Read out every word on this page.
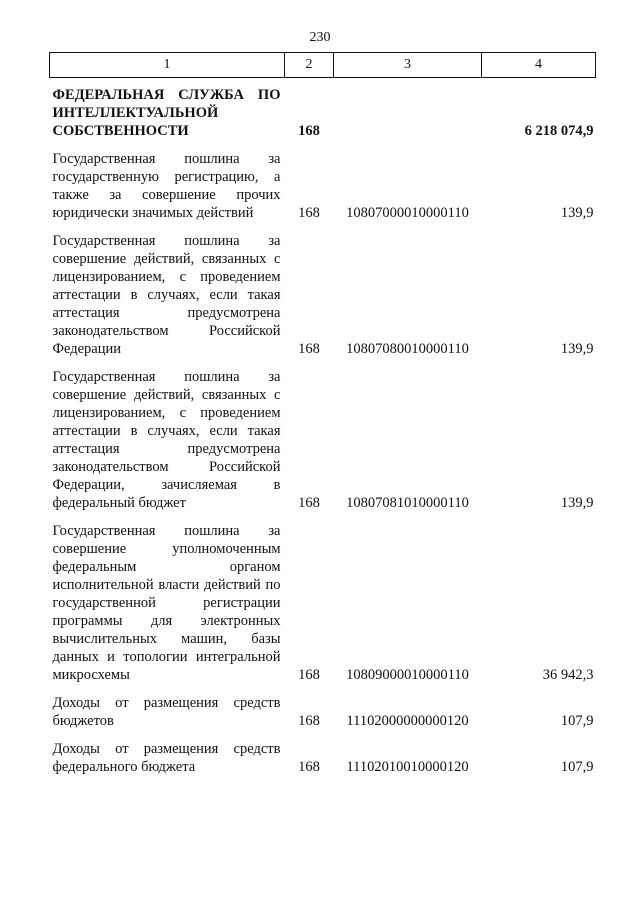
230
1	2	3	4
ФЕДЕРАЛЬНАЯ СЛУЖБА ПО ИНТЕЛЛЕКТУАЛЬНОЙ СОБСТВЕННОСТИ	168		6 218 074,9
Государственная пошлина за государственную регистрацию, а также за совершение прочих юридически значимых действий	168	10807000010000110	139,9
Государственная пошлина за совершение действий, связанных с лицензированием, с проведением аттестации в случаях, если такая аттестация предусмотрена законодательством Российской Федерации	168	10807080010000110	139,9
Государственная пошлина за совершение действий, связанных с лицензированием, с проведением аттестации в случаях, если такая аттестация предусмотрена законодательством Российской Федерации, зачисляемая в федеральный бюджет	168	10807081010000110	139,9
Государственная пошлина за совершение уполномоченным федеральным органом исполнительной власти действий по государственной регистрации программы для электронных вычислительных машин, базы данных и топологии интегральной микросхемы	168	10809000010000110	36 942,3
Доходы от размещения средств бюджетов	168	11102000000000120	107,9
Доходы от размещения средств федерального бюджета	168	11102010010000120	107,9
